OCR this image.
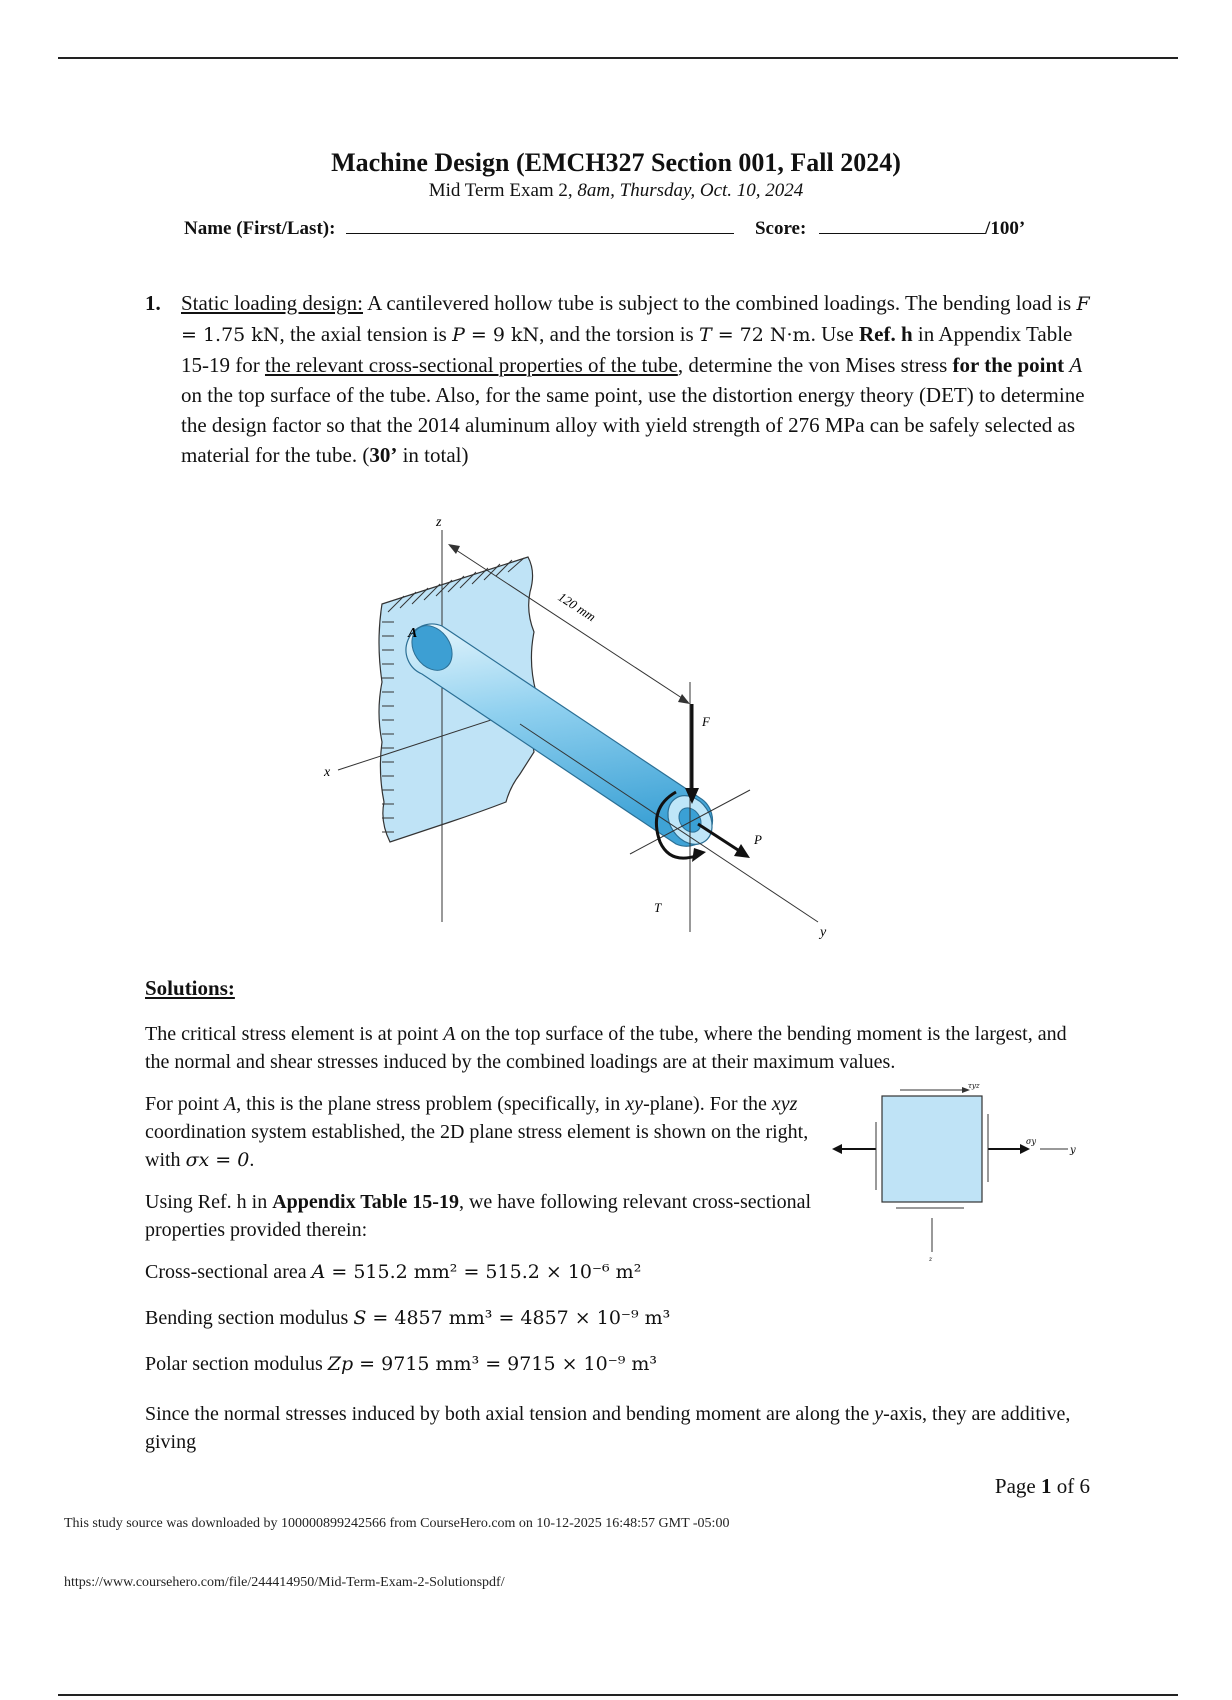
Machine Design (EMCH327 Section 001, Fall 2024)
Mid Term Exam 2, 8am, Thursday, Oct. 10, 2024
Name (First/Last):	Score:	/100’
1. Static loading design: A cantilevered hollow tube is subject to the combined loadings. The bending load is F = 1.75 kN, the axial tension is P = 9 kN, and the torsion is T = 72 N·m. Use Ref. h in Appendix Table 15-19 for the relevant cross-sectional properties of the tube, determine the von Mises stress for the point A on the top surface of the tube. Also, for the same point, use the distortion energy theory (DET) to determine the design factor so that the 2014 aluminum alloy with yield strength of 276 MPa can be safely selected as material for the tube. (30’ in total)
z
x
y
120 mm
A
F
P
T
Solutions:
The critical stress element is at point A on the top surface of the tube, where the bending moment is the largest, and the normal and shear stresses induced by the combined loadings are at their maximum values.
For point A, this is the plane stress problem (specifically, in xy-plane). For the xyz coordination system established, the 2D plane stress element is shown on the right, with σx = 0.
σy
y
τyz
z
Using Ref. h in Appendix Table 15-19, we have following relevant cross-sectional properties provided therein:
Cross-sectional area A = 515.2 mm² = 515.2 × 10⁻⁶ m²
Bending section modulus S = 4857 mm³ = 4857 × 10⁻⁹ m³
Polar section modulus Zp = 9715 mm³ = 9715 × 10⁻⁹ m³
Since the normal stresses induced by both axial tension and bending moment are along the y-axis, they are additive, giving
Page 1 of 6
This study source was downloaded by 100000899242566 from CourseHero.com on 10-12-2025 16:48:57 GMT -05:00
https://www.coursehero.com/file/244414950/Mid-Term-Exam-2-Solutionspdf/
